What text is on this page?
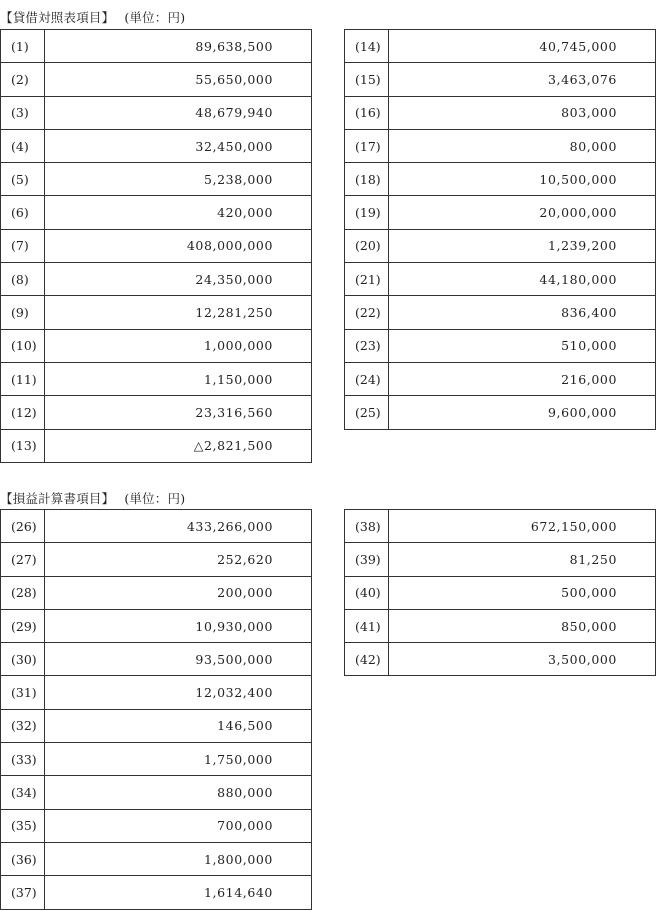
【貸借対照表項目】 (単位：円)
(1)	89,638,500
(2)	55,650,000
(3)	48,679,940
(4)	32,450,000
(5)	5,238,000
(6)	420,000
(7)	408,000,000
(8)	24,350,000
(9)	12,281,250
(10)	1,000,000
(11)	1,150,000
(12)	23,316,560
(13)	△2,821,500
(14)	40,745,000
(15)	3,463,076
(16)	803,000
(17)	80,000
(18)	10,500,000
(19)	20,000,000
(20)	1,239,200
(21)	44,180,000
(22)	836,400
(23)	510,000
(24)	216,000
(25)	9,600,000
【損益計算書項目】 (単位：円)
(26)	433,266,000
(27)	252,620
(28)	200,000
(29)	10,930,000
(30)	93,500,000
(31)	12,032,400
(32)	146,500
(33)	1,750,000
(34)	880,000
(35)	700,000
(36)	1,800,000
(37)	1,614,640
(38)	672,150,000
(39)	81,250
(40)	500,000
(41)	850,000
(42)	3,500,000
